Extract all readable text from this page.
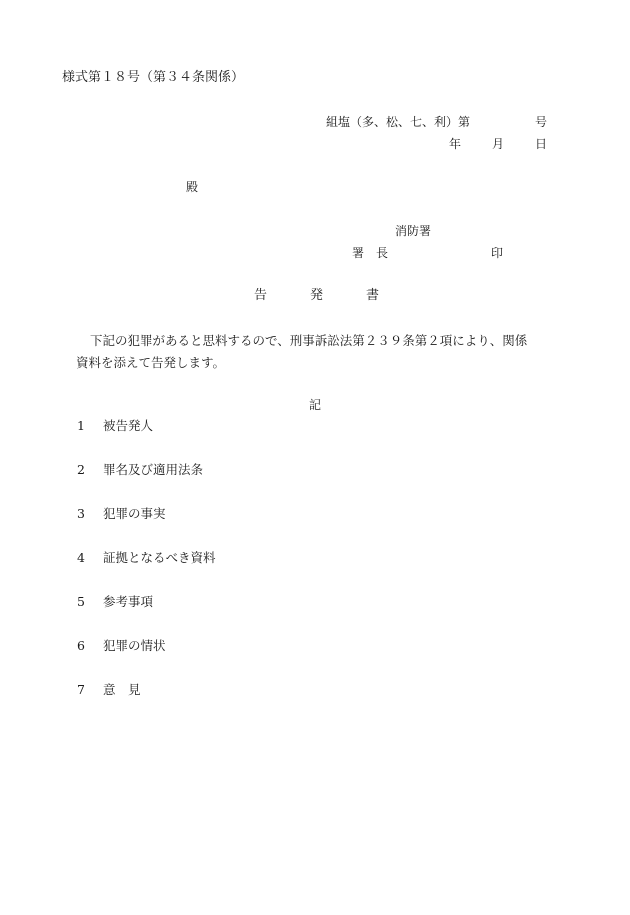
様式第１８号（第３４条関係）
組塩（多、松、七、利）第	号
年	月	日
殿
消防署
署　長	印
告	発	書
下記の犯罪があると思料するので、刑事訴訟法第２３９条第２項により、関係
資料を添えて告発します。
記
1 被告発人
2 罪名及び適用法条
3 犯罪の事実
4 証拠となるべき資料
5 参考事項
6 犯罪の情状
7 意　見
